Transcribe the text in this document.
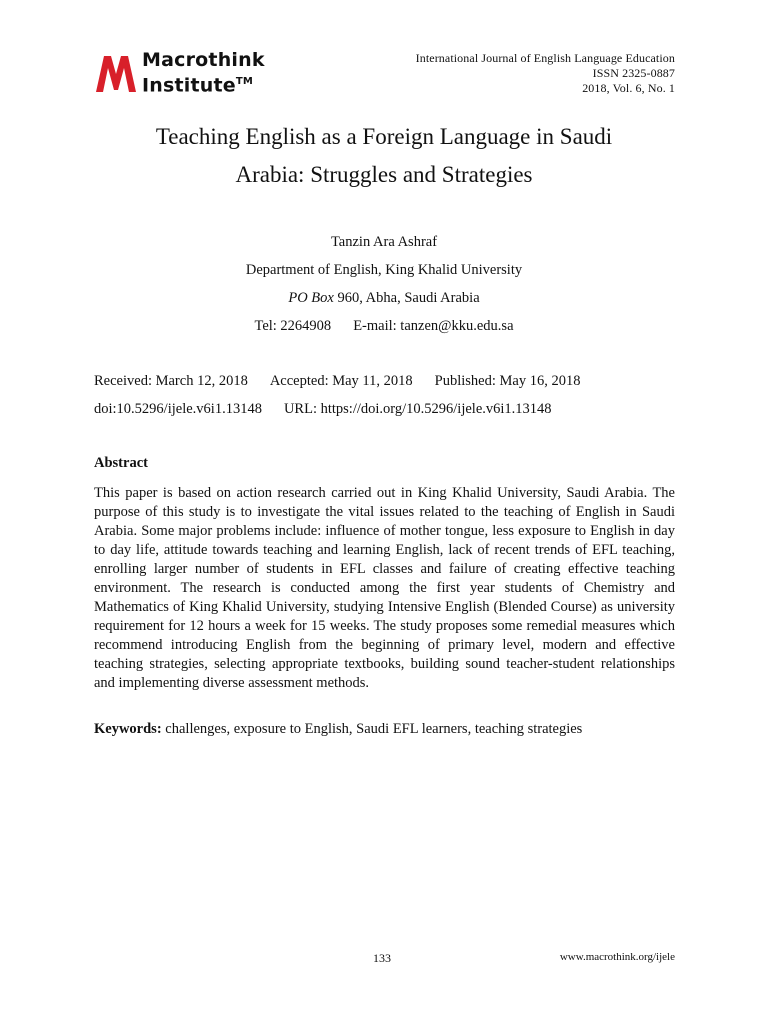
Macrothink
Institute™
International Journal of English Language Education
ISSN 2325-0887
2018, Vol. 6, No. 1
Teaching English as a Foreign Language in Saudi
Arabia: Struggles and Strategies
Tanzin Ara Ashraf
Department of English, King Khalid University
PO Box 960, Abha, Saudi Arabia
Tel: 2264908 E-mail: tanzen@kku.edu.sa
Received: March 12, 2018 Accepted: May 11, 2018 Published: May 16, 2018
doi:10.5296/ijele.v6i1.13148 URL: https://doi.org/10.5296/ijele.v6i1.13148
Abstract
This paper is based on action research carried out in King Khalid University, Saudi Arabia. The purpose of this study is to investigate the vital issues related to the teaching of English in Saudi Arabia. Some major problems include: influence of mother tongue, less exposure to English in day to day life, attitude towards teaching and learning English, lack of recent trends of EFL teaching, enrolling larger number of students in EFL classes and failure of creating effective teaching environment. The research is conducted among the first year students of Chemistry and Mathematics of King Khalid University, studying Intensive English (Blended Course) as university requirement for 12 hours a week for 15 weeks. The study proposes some remedial measures which recommend introducing English from the beginning of primary level, modern and effective teaching strategies, selecting appropriate textbooks, building sound teacher-student relationships and implementing diverse assessment methods.
Keywords: challenges, exposure to English, Saudi EFL learners, teaching strategies
133	www.macrothink.org/ijele
